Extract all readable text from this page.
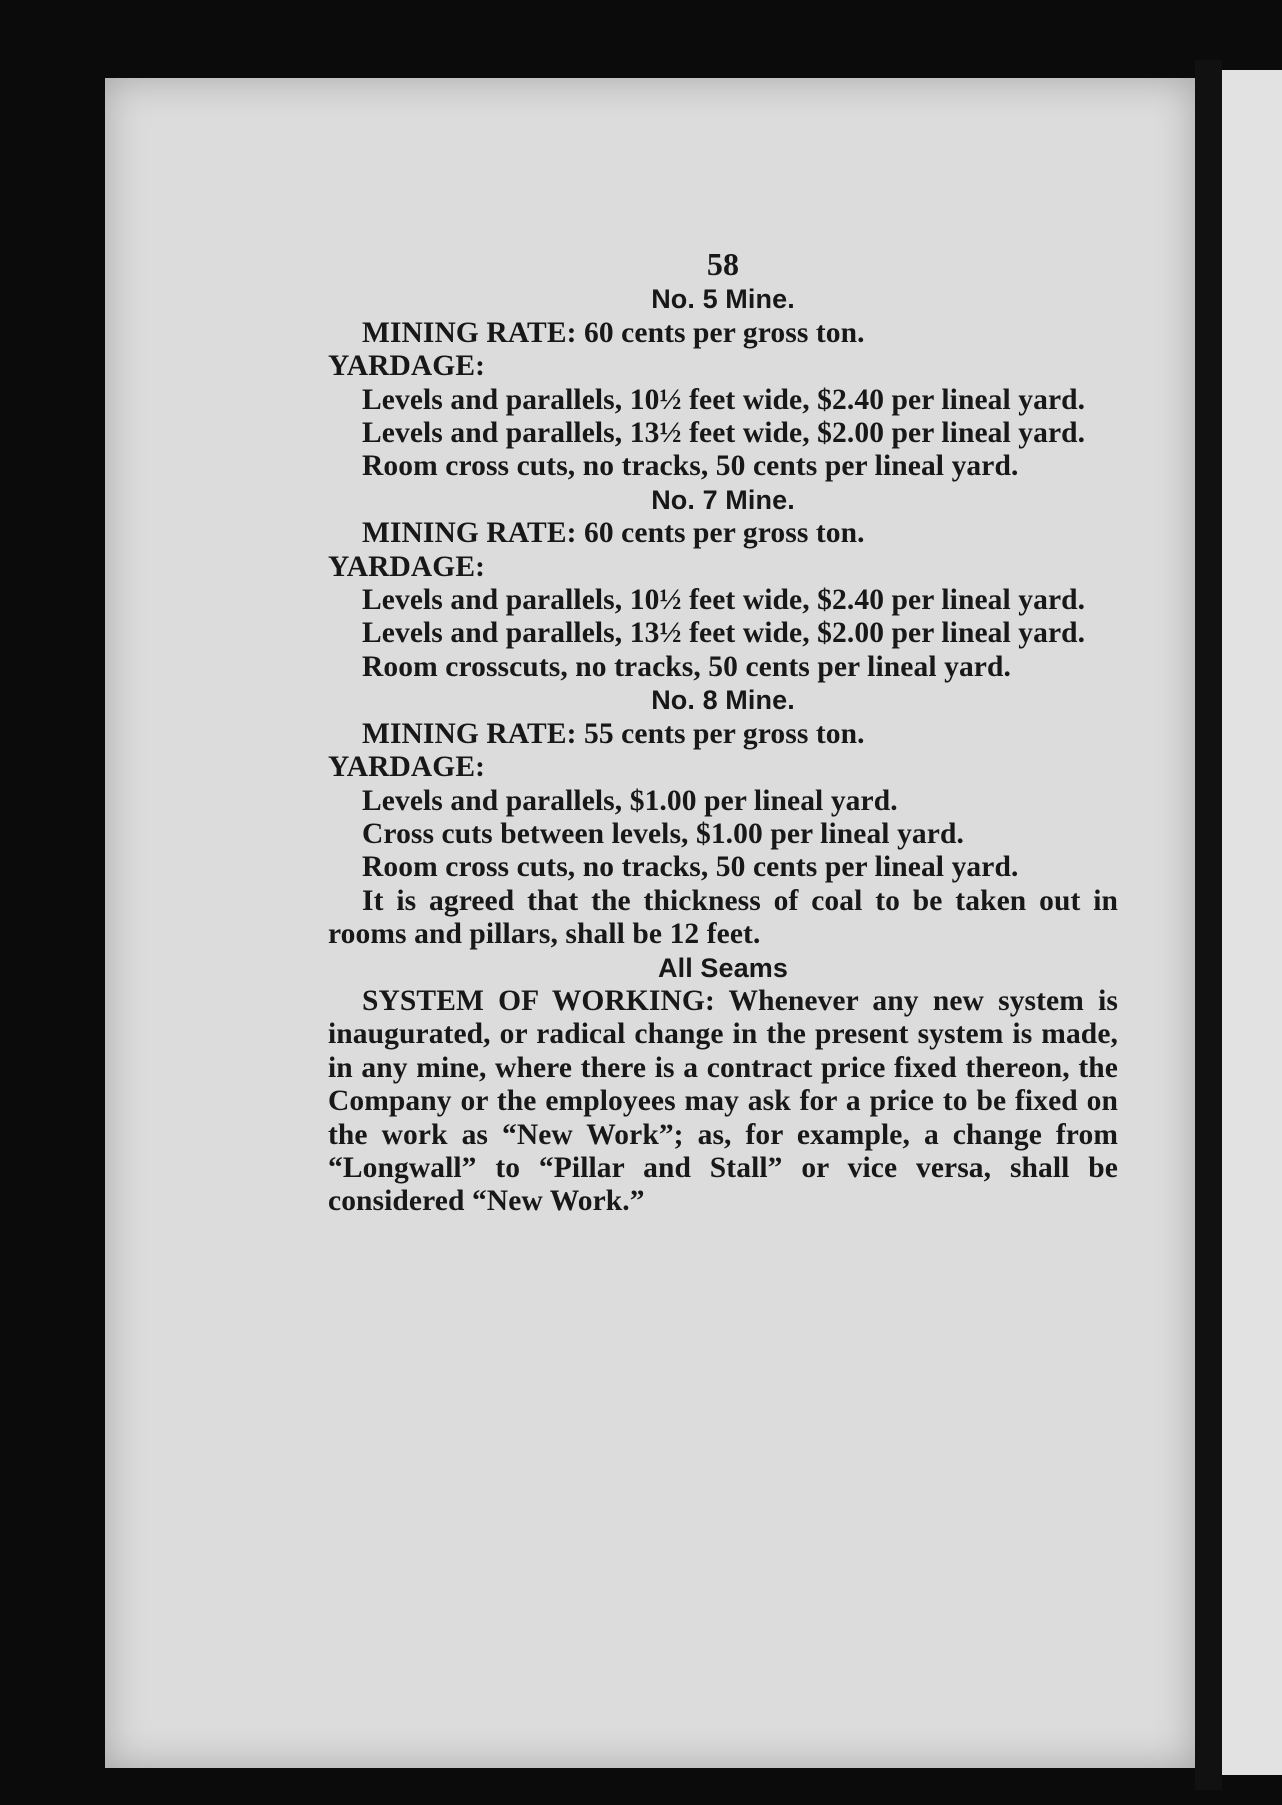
58
No. 5 Mine.
MINING RATE: 60 cents per gross ton.
YARDAGE:
Levels and parallels, 10½ feet wide, $2.40 per lineal yard.
Levels and parallels, 13½ feet wide, $2.00 per lineal yard.
Room cross cuts, no tracks, 50 cents per lineal yard.
No. 7 Mine.
MINING RATE: 60 cents per gross ton.
YARDAGE:
Levels and parallels, 10½ feet wide, $2.40 per lineal yard.
Levels and parallels, 13½ feet wide, $2.00 per lineal yard.
Room crosscuts, no tracks, 50 cents per lineal yard.
No. 8 Mine.
MINING RATE: 55 cents per gross ton.
YARDAGE:
Levels and parallels, $1.00 per lineal yard.
Cross cuts between levels, $1.00 per lineal yard.
Room cross cuts, no tracks, 50 cents per lineal yard.
It is agreed that the thickness of coal to be taken out in rooms and pillars, shall be 12 feet.
All Seams
SYSTEM OF WORKING: Whenever any new system is inaugurated, or radical change in the present system is made, in any mine, where there is a contract price fixed thereon, the Company or the employees may ask for a price to be fixed on the work as “New Work”; as, for example, a change from “Longwall” to “Pillar and Stall” or vice versa, shall be considered “New Work.”
